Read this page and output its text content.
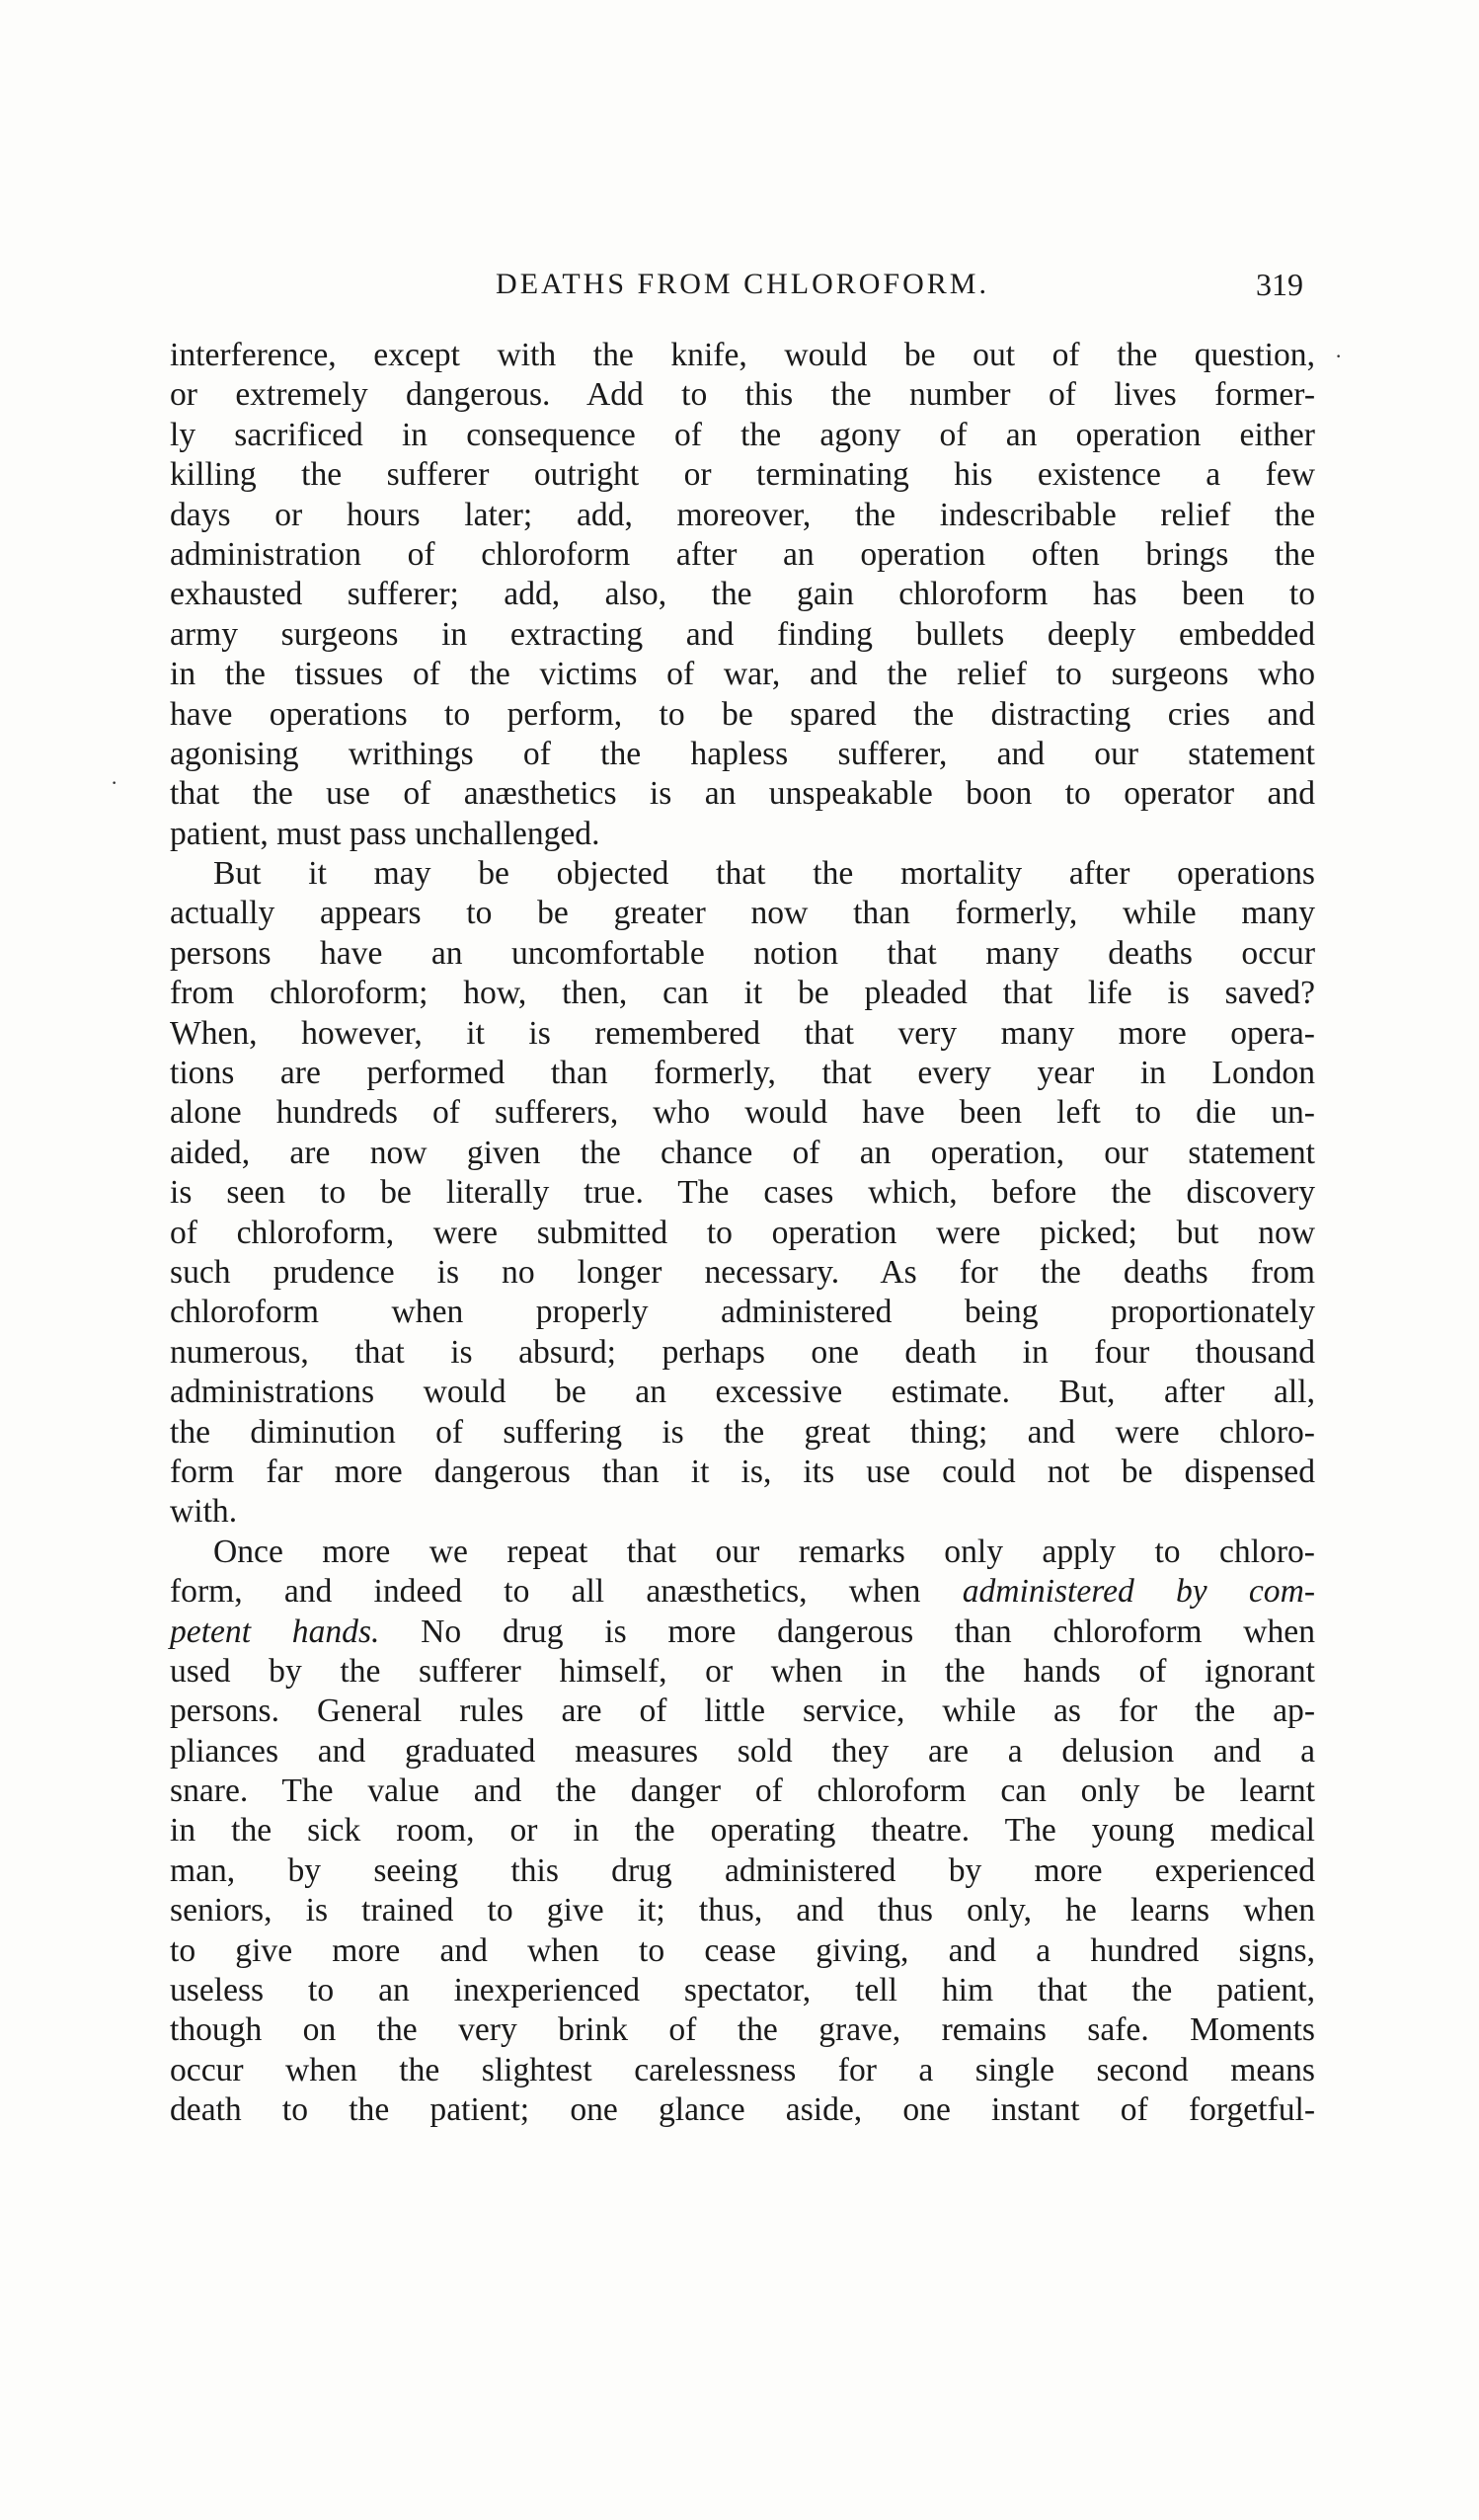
DEATHS FROM CHLOROFORM.	319
·
·
interference, except with the knife, would be out of the question,
or extremely dangerous. Add to this the number of lives former-
ly sacrificed in consequence of the agony of an operation either
killing the sufferer outright or terminating his existence a few
days or hours later; add, moreover, the indescribable relief the
administration of chloroform after an operation often brings the
exhausted sufferer; add, also, the gain chloroform has been to
army surgeons in extracting and finding bullets deeply embedded
in the tissues of the victims of war, and the relief to surgeons who
have operations to perform, to be spared the distracting cries and
agonising writhings of the hapless sufferer, and our statement
that the use of anæsthetics is an unspeakable boon to operator and
patient, must pass unchallenged.
But it may be objected that the mortality after operations
actually appears to be greater now than formerly, while many
persons have an uncomfortable notion that many deaths occur
from chloroform; how, then, can it be pleaded that life is saved?
When, however, it is remembered that very many more opera-
tions are performed than formerly, that every year in London
alone hundreds of sufferers, who would have been left to die un-
aided, are now given the chance of an operation, our statement
is seen to be literally true. The cases which, before the discovery
of chloroform, were submitted to operation were picked; but now
such prudence is no longer necessary. As for the deaths from
chloroform when properly administered being proportionately
numerous, that is absurd; perhaps one death in four thousand
administrations would be an excessive estimate. But, after all,
the diminution of suffering is the great thing; and were chloro-
form far more dangerous than it is, its use could not be dispensed
with.
Once more we repeat that our remarks only apply to chloro-
form, and indeed to all anæsthetics, when administered by com-
petent hands. No drug is more dangerous than chloroform when
used by the sufferer himself, or when in the hands of ignorant
persons. General rules are of little service, while as for the ap-
pliances and graduated measures sold they are a delusion and a
snare. The value and the danger of chloroform can only be learnt
in the sick room, or in the operating theatre. The young medical
man, by seeing this drug administered by more experienced
seniors, is trained to give it; thus, and thus only, he learns when
to give more and when to cease giving, and a hundred signs,
useless to an inexperienced spectator, tell him that the patient,
though on the very brink of the grave, remains safe. Moments
occur when the slightest carelessness for a single second means
death to the patient; one glance aside, one instant of forgetful-
